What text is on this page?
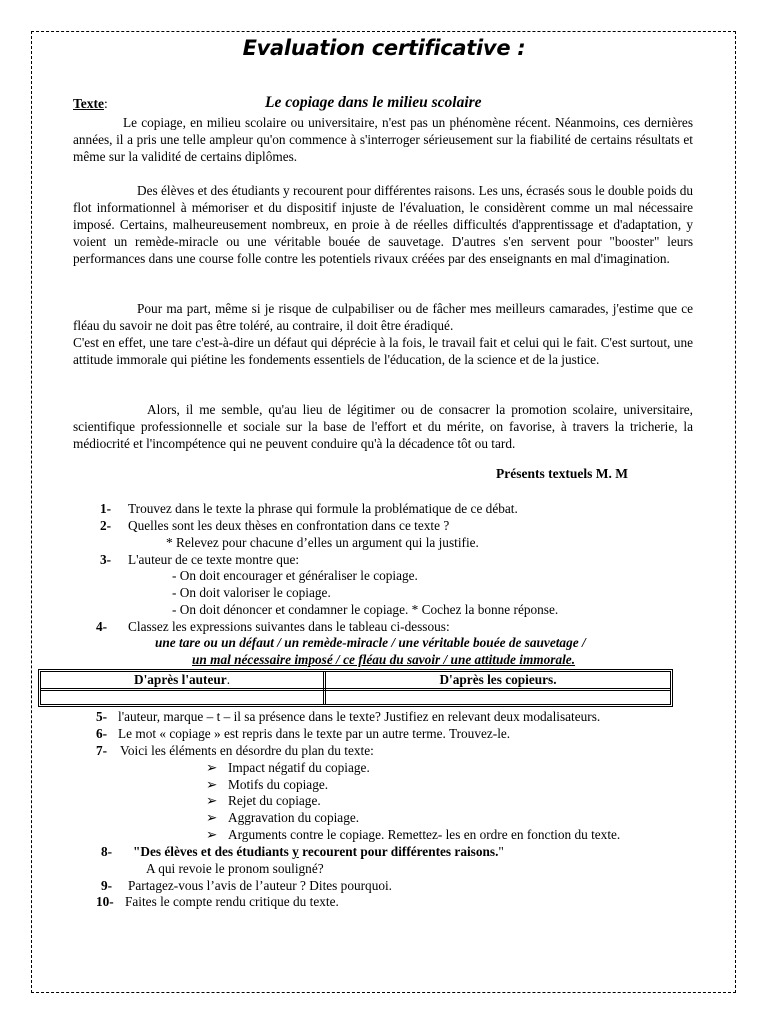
Evaluation certificative :
Texte:	Le copiage dans le milieu scolaire

Le copiage, en milieu scolaire ou universitaire, n'est pas un phénomène récent. Néanmoins, ces dernières années, il a pris une telle ampleur qu'on commence à s'interroger sérieusement sur la fiabilité de certains résultats et même sur la validité de certains diplômes.

Des élèves et des étudiants y recourent pour différentes raisons. Les uns, écrasés sous le double poids du flot informationnel à mémoriser et du dispositif injuste de l'évaluation, le considèrent comme un mal nécessaire imposé. Certains, malheureusement nombreux, en proie à de réelles difficultés d'apprentissage et d'adaptation, y voient un remède-miracle ou une véritable bouée de sauvetage. D'autres s'en servent pour "booster" leurs performances dans une course folle contre les potentiels rivaux créées par des enseignants en mal d'imagination.

Pour ma part, même si je risque de culpabiliser ou de fâcher mes meilleurs camarades, j'estime que ce fléau du savoir ne doit pas être toléré, au contraire, il doit être éradiqué.

C'est en effet, une tare c'est-à-dire un défaut qui déprécie à la fois, le travail fait et celui qui le fait. C'est surtout, une attitude immorale qui piétine les fondements essentiels de l'éducation, de la science et de la justice.

Alors, il me semble, qu'au lieu de légitimer ou de consacrer la promotion scolaire, universitaire, scientifique professionnelle et sociale sur la base de l'effort et du mérite, on favorise, à travers la tricherie, la médiocrité et l'incompétence qui ne peuvent conduire qu'à la décadence tôt ou tard.

Présents textuels M. M

1- Trouvez dans le texte la phrase qui formule la problématique de ce débat.

2- Quelles sont les deux thèses en confrontation dans ce texte ?

* Relevez pour chacune d’elles un argument qui la justifie.

3- L'auteur de ce texte montre que:

- On doit encourager et généraliser le copiage.

- On doit valoriser le copiage.

- On doit dénoncer et condamner le copiage. * Cochez la bonne réponse.

4- Classez les expressions suivantes dans le tableau ci-dessous:

une tare ou un défaut / un remède-miracle / une véritable bouée de sauvetage /
un mal nécessaire imposé / ce fléau du savoir / une attitude immorale.
D'après l'auteur.	D'après les copieurs.

5- l'auteur, marque – t – il sa présence dans le texte? Justifiez en relevant deux modalisateurs.

6- Le mot « copiage » est repris dans le texte par un autre terme. Trouvez-le.

7- Voici les éléments en désordre du plan du texte:

➢ Impact négatif du copiage.

➢ Motifs du copiage.

➢ Rejet du copiage.

➢ Aggravation du copiage.

➢ Arguments contre le copiage. Remettez- les en ordre en fonction du texte.

8- "Des élèves et des étudiants y recourent pour différentes raisons."

A qui revoie le pronom souligné?

9- Partagez-vous l’avis de l’auteur ? Dites pourquoi.

10- Faites le compte rendu critique du texte.
